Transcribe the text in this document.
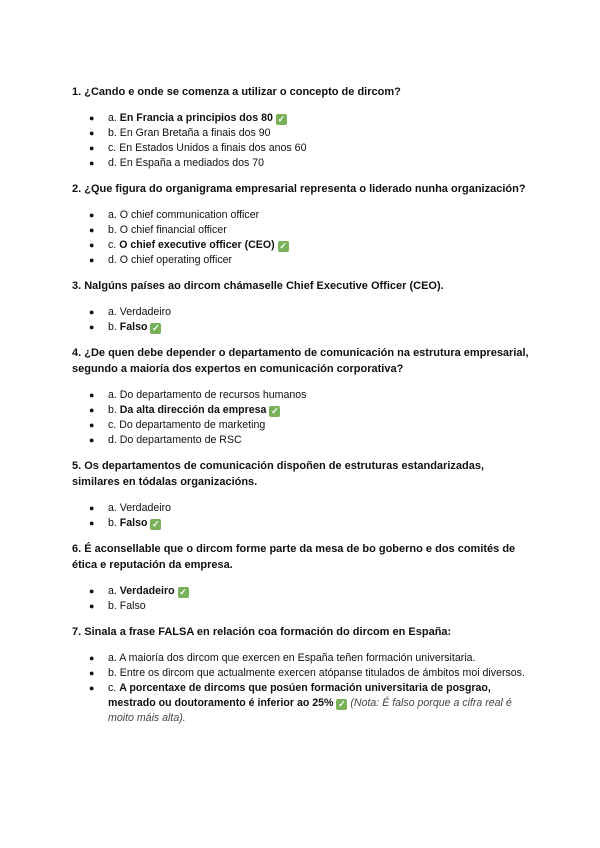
1. ¿Cando e onde se comenza a utilizar o concepto de dircom?

● a. En Francia a principios dos 80 ✓
● b. En Gran Bretaña a finais dos 90
● c. En Estados Unidos a finais dos anos 60
● d. En España a mediados dos 70

2. ¿Que figura do organigrama empresarial representa o liderado nunha organización?

● a. O chief communication officer
● b. O chief financial officer
● c. O chief executive officer (CEO) ✓
● d. O chief operating officer

3. Nalgúns países ao dircom chámaselle Chief Executive Officer (CEO).

● a. Verdadeiro
● b. Falso ✓

4. ¿De quen debe depender o departamento de comunicación na estrutura empresarial, segundo a maioría dos expertos en comunicación corporativa?

● a. Do departamento de recursos humanos
● b. Da alta dirección da empresa ✓
● c. Do departamento de marketing
● d. Do departamento de RSC

5. Os departamentos de comunicación dispoñen de estruturas estandarizadas, similares en tódalas organizacións.

● a. Verdadeiro
● b. Falso ✓

6. É aconsellable que o dircom forme parte da mesa de bo goberno e dos comités de ética e reputación da empresa.

● a. Verdadeiro ✓
● b. Falso

7. Sinala a frase FALSA en relación coa formación do dircom en España:

● a. A maioría dos dircom que exercen en España teñen formación universitaria.
● b. Entre os dircom que actualmente exercen atópanse titulados de ámbitos moi diversos.
● c. A porcentaxe de dircoms que posúen formación universitaria de posgrao, mestrado ou doutoramento é inferior ao 25% ✓ (Nota: É falso porque a cifra real é moito máis alta).
